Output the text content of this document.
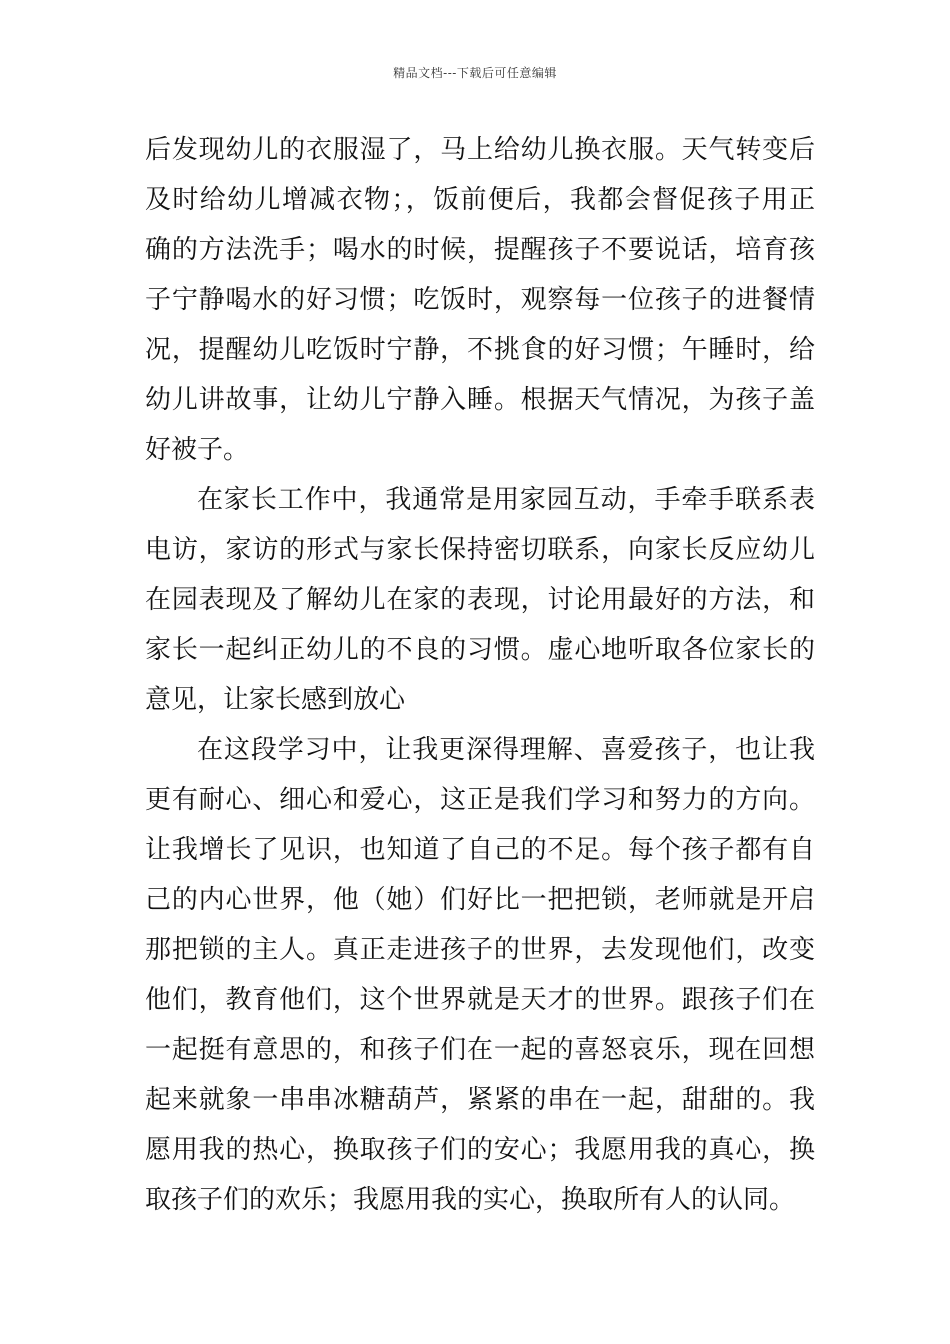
精品文档---下载后可任意编辑
后发现幼儿的衣服湿了，马上给幼儿换衣服。天气转变后
及时给幼儿增减衣物；，饭前便后，我都会督促孩子用正
确的方法洗手；喝水的时候，提醒孩子不要说话，培育孩
子宁静喝水的好习惯；吃饭时，观察每一位孩子的进餐情
况，提醒幼儿吃饭时宁静，不挑食的好习惯；午睡时，给
幼儿讲故事，让幼儿宁静入睡。根据天气情况，为孩子盖
好被子。
在家长工作中，我通常是用家园互动，手牵手联系表
电访，家访的形式与家长保持密切联系，向家长反应幼儿
在园表现及了解幼儿在家的表现，讨论用最好的方法，和
家长一起纠正幼儿的不良的习惯。虚心地听取各位家长的
意见，让家长感到放心
在这段学习中，让我更深得理解、喜爱孩子，也让我
更有耐心、细心和爱心，这正是我们学习和努力的方向。
让我增长了见识，也知道了自己的不足。每个孩子都有自
己的内心世界，他（她）们好比一把把锁，老师就是开启
那把锁的主人。真正走进孩子的世界，去发现他们，改变
他们，教育他们，这个世界就是天才的世界。跟孩子们在
一起挺有意思的，和孩子们在一起的喜怒哀乐，现在回想
起来就象一串串冰糖葫芦，紧紧的串在一起，甜甜的。我
愿用我的热心，换取孩子们的安心；我愿用我的真心，换
取孩子们的欢乐；我愿用我的实心，换取所有人的认同。
